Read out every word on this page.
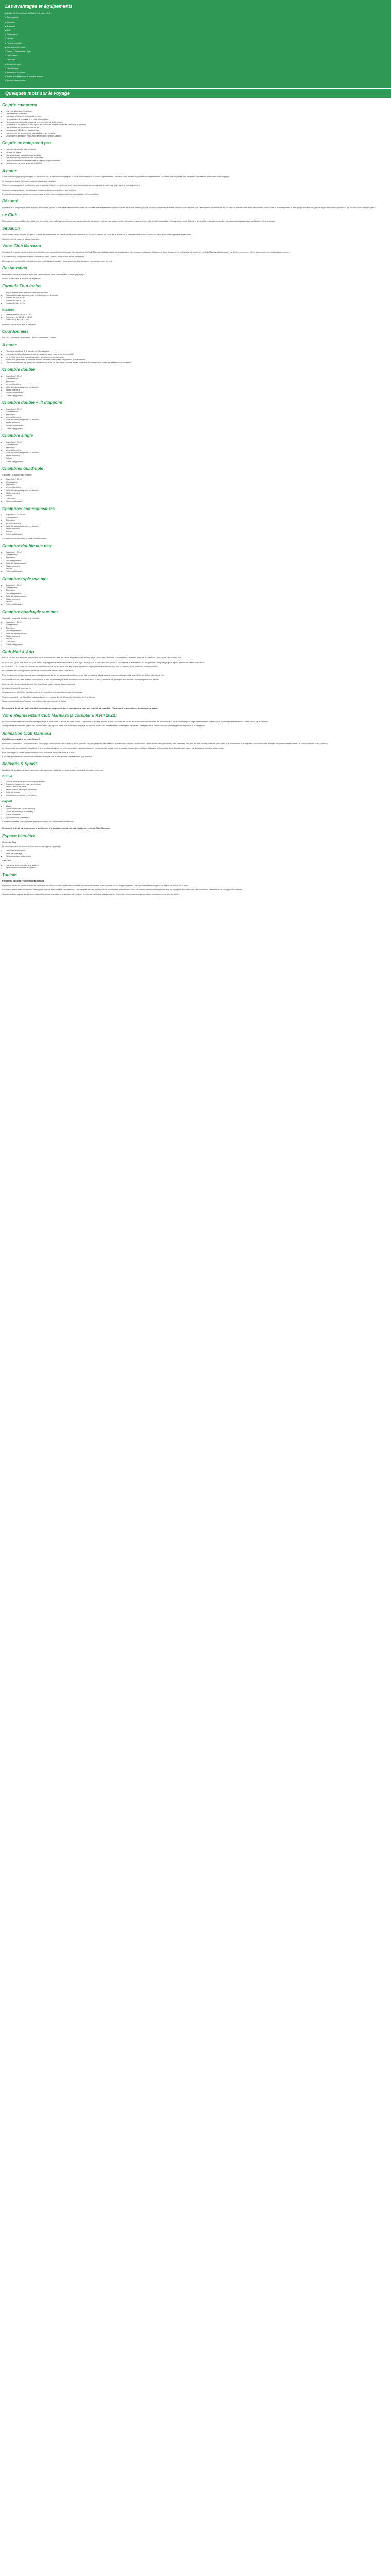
Les avantages et équipements
◆ Accès Wi-Fi au départ de l'hôtel (1 à partir d'ici)
◆ Tour-Anneté
◆ Cabanon
◆ Tracteurs
◆ Wifi
◆ Restaurant
◆ Piscine
◆ Piscine chauffée
◆ Bar au bord de l'eau
◆ Snack – Patisseries – Spa
◆ Club enfant
◆ Club ado
◆ Terrain de sport
◆ Discothèque
◆ Animation en soirée
◆ Accès aux personnes à mobilité réduite
◆ Accueil francophone
Quelques mots sur le voyage
Ce prix comprend
• Les vols aller/retour indiqués
• Les transferts collectifs
• Les taxes d'aéroport et frais de service
• Le carburant de manière, à la date d'inscription
• L'hébergement selon la catégorie et le nombre de nuits choisis
• La formule « Tout Inclus » (en repas, les boissons locales à volonté, snacking et goûter)
• Les activités de l'hôtel et l'accueil de
• L'assistance 24/24 d'un représentant
• Les activités de groupe pour les adultes et les enfants
• Le service d'animation en journée et en soirée (selon saison)
Ce prix ne comprend pas
• Les frais de visa (le cas échéant)
• La taxe de séjour
• Les assurances facultatives proposées
• Les dépenses personnelles et pourboires
• Les prestations non mentionnées et dépenses personnelles
• Le pourboire de votre guide et chauffeur
A noter

« Franchise bagage par passager » : Selon vol, sur le site de la compagnie, la carte vous indiquera le poids réglementaire. Avant de vous rendre au guichet d'enregistrement, n'oubliez pas de garder des étiquettes permettant d'identifier votre bagage.

Le bagage en soute est réglementé et à la charge du client.

Selon les compagnies, il peut arriver que le vol soit retardé, en général, nous vous demandons de bien vouloir le noter sur votre carte d'embarquement.

Aucune correspondance : les bagages sont contrôlés aux départs et aux arrivées.

Pendant les vacances scolaires, proposé par la ville, nos professionnels sont susceptibles d'être modifiés.

Résumé

Au cœur d'un magnifique jardin tropical à quelques pas de la mer et à 5 km du centre-ville, le Club Marmara Hammamet vous accueille dans son cadre idyllique pour des vacances réussies. Laissez-vous séduire par l'atmosphère chaleureuse de ce club où détente rime avec découverte, convivialité et bonne humeur. Entre plage de sable fin, piscine lagon et activités sportives, il y en aura pour tous les goûts !

Le Club

Nos voisins, d'une surface de 14 ha sont un lieu de repos et d'agrément avec des espaces verts, plusieurs piscines, une plage privée, de nombreuses activités sportives et culturelles... Vous pourrez vous détendre au bord de la piscine ou profiter des animations proposées par l'équipe Club Marmara.

Situation

Situé au sud de la Tunisie, à 8 km du centre de Hammamet, le Club Marmara est à environ 60 km de l'aéroport de Tunis et à 30 min de la célèbre médina de Sousse. Au cœur d'un cadre agréable et reposant.

Navette pour la plage, le village (payant).

Votre Club Marmara

Au cœur d'un grand jardin de palmiers, le club vous accueille dans un cadre très agréable. Ce Club Marmara est la parfaite destination pour des vacances réussies. Idéalement situé sur une très belle plage de sable fin. Le Club Marmara Hammamet est à 5 min du centre-ville et à proximité de nombreux commerces.

Il y a beaucoup d'espaces verts et d'activités à faire : visites, excursions, sports nautiques...

Hébergement confortable, animations variées et repas de qualité : vous passerez des vacances reposantes dans ce club.

Restauration

Restaurant principal intérieur avec vue panoramique sous « conservé à la carte (payant) »

Snack, 2 bars dont 1 au bord de la piscine

Formule Tout Inclus
• Repas buffets petit-déjeuner, déjeuner et dîner
• Boissons locales alcoolisées et non alcoolisées à volonté
• Snacks de 10h à 18h
• Glaces de 14h à 17h
• Goûter de 16h à 17h
Horaires
• Petit-déjeuner : de 7h à 10h
• Déjeuner : de 12h30 à 14h30
• Dîner : de 19h00 à 21h30

Boissons incluses de 10h à 23h (bar).

Coordonnées

BP 101 – Yasmine Hammamet – 8050 Hammamet, Tunisie

A noter
• Chambre standard, 1 lit double ou 2 lits simples
• Les chambres familiales sont sur demande et sous réserve de disponibilité
• Un lit bébé peut être mis à disposition gratuitement sur demande
• Accès aux personnes à mobilité réduite : chambres adaptées disponibles sur demande
• Les chambres sont équipées de climatisation, salle de bain avec douche, sèche-cheveux, TV, téléphone, coffre-fort et balcon ou terrasse
Chambre double
• Superficie : 22 m²
• Climatisation
• Télévision
• Mini-réfrigérateur
• Salle de bains (baignoire ou douche)
• Sèche-cheveux
• Balcon ou terrasse
• Coffre-fort (payant)
Chambre double + lit d'appoint
• Superficie : 22 m²
• Climatisation
• Télévision
• Mini-réfrigérateur
• Salle de bains (baignoire ou douche)
• Sèche-cheveux
• Balcon ou terrasse
• Coffre-fort (payant)
Chambre single
• Superficie : 15 m²
• Climatisation
• Télévision
• Mini-réfrigérateur
• Salle de bains (baignoire ou douche)
• Sèche-cheveux
• Balcon
• Coffre-fort (payant)
Chambres quadruple

Capacité : 2 adultes et 2 enfants.

• Superficie : 35 m²
• Climatisation
• Télévision
• Mini-réfrigérateur
• Salle de bains (baignoire ou douche)
• Sèche-cheveux
• Balcon
• Coin salon
• Coffre-fort (payant)
Chambres communicantes
• Superficie : 2 x 25 m²
• Climatisation
• Télévision
• Mini-réfrigérateur
• Salle de bains (baignoire ou douche)
• Sèche-cheveux
• Balcon
• Coffre-fort (payant)

2 chambres doubles avec 1 porte communicante

Chambre double vue mer
• Superficie : 22 m²
• Climatisation
• Télévision
• Mini-réfrigérateur
• Salle de bains (douche)
• Sèche-cheveux
• Balcon
• Coffre-fort (payant)
Chambre triple vue mer
• Superficie : 28 m²
• Climatisation
• Télévision
• Mini-réfrigérateur
• Salle de bains (douche)
• Sèche-cheveux
• Balcon
• Coffre-fort (payant)
Chambre quadruple vue mer

Capacité : jusqu'à 2 adultes et 2 enfants.

• Superficie : 35 m²
• Climatisation
• Télévision
• Mini-réfrigérateur
• Salle de bains (douche)
• Sèche-cheveux
• Balcon
• Coin salon
• Coffre-fort (payant)
Club Mini & Ado

De 4 à 17 ans, nos équipes d'animation vous accueilleront dans les clubs, répartis en 3 tranches d'âge, pour des vacances bien remplies : activités ludiques et créatives, jeux, sport, spectacles, etc.

Le Club Mini (4-10 ans) Pour les plus petits, un programme d'activités adapté à leur âge, de 9h à 12h et de 15h à 18h, sous la surveillance d'animateurs. Au programme : maquillage, jeux, sport, chasse au trésor, mini-disco...

Le Club Ado (11-17 ans) En période de vacances scolaires, les ados ont leur propre espace et un programme d'activités qui leur est dédié : sport, tournois, sorties, soirées...

Les horaires des clubs peuvent varier en fonction des saisons et de l'affluence.

Pour les enfants, un programme spécial est proposé durant les vacances scolaires, avec des spectacles et animations organisés chaque soir avant le dîner : jeux, mini-disco, etc.

Les jeunes au club : Les enfants de moins de 4 ans ne peuvent pas être accueillis au club. Pour les 2-3 ans, possibilité de participer aux activités accompagnés d'un parent.

Note du club : Les enfants doivent être inscrits sur place auprès des animateurs.

Le club est ouvert 6 jours sur 7.

Un programme d'activités est disponible à la réception. Les animations sont en français.

Réservez au club : Le Club Mini est gratuit pour les enfants de 4 à 10 ans, le Club Ado de 11 à 17 ans.

Nous vous conseillons d'inscrire vos enfants dès votre arrivée à l'hôtel.

Retrouvez le détail des activités et des animations proposées par les animateurs pour vos enfants et vos ados ! Pour plus d'informations, demandez sur place.

Votre Représentant Club Marmara (à compter d'Avril 2021)

Le Représentant est votre interlocuteur privilégié durant toute la durée de votre séjour. Disponible et à votre écoute, il vous présente au cours d'une réunion d'information les excursions et vous conseille pour organiser au mieux votre séjour. Il pourra également vous aider en cas de problème.

Vous pourrez le contacter grâce aux coordonnées qui figurent dans votre carnet de voyage ou en vous adressant directement à la réception de l'hôtel. Il est présent à l'hôtel selon un planning précis disponible à la réception.

Animation Club Marmara

Club Marmara, du fun en toute liberté !

Retrouvez l'Animation Club Marmara et son équipe francophone : tout au long de la journée, l'équipe propose des activités sportives et ludiques, des tournois, et en soirée des spectacles, des cabarets, des jeux et des soirées à thème. Pour ceux qui recherchent la tranquillité, l'ensemble des activités proposées est facultatif : à vous de choisir votre rythme !

Le programme des activités est affiché à la réception et auprès du point animation. Les animations et spectacles en soirée sont proposés chaque jour, de l'apéritif jusqu'à la fermeture de la discothèque, dans une ambiance familiale et conviviale.

Pour prolonger la soirée, la discothèque vous accueille jusque tard dans la nuit !

Il y a des spectacles et animations différents chaque soir, et une soirée Club Marmara par semaine.

Activités & Sports

Nos lieux de sports et de loisirs vous attendent pour des activités en toute liberté, à volonté, encadrées ou non.

Gratuit
• Piscine extérieure avec bassin pour enfants
• Aquagym, stretching, step, gym douce
• Tennis, tennis de table
• Beach-volley, pétanque, fléchettes
• Salle de fitness
• Animation en journée et en soirée
Payant
• Billard
• Sports nautiques (selon saison)
• Quad, équitation (à proximité)
• Golf à proximité
• Spa, hammam, massages

Certaines activités sont payantes et proposées par des prestataires extérieurs.

Retrouvez le détail du programme d'activités et d'animations conçu par nos équipes avec votre Club Marmara.

Espace bien-être

Centre de Spa

Le club dispose d'un centre de Spa comprenant (accès payant) :

• Hammam traditionnel
• Salle de massage
• Soins du visage et du corps

A NOTER

• Les soins sont réservés aux adultes
• Réservation conseillée sur place
Tunisie

Formalités pour les ressortissants français :

Passeport valide au moins 6 mois après la date de retour, ou carte nationale d'identité en cours de validité (dans le cadre d'un voyage organisé). Pas de visa nécessaire pour un séjour de moins de 3 mois.

Les autres nationalités doivent se renseigner auprès des autorités compétentes. Les mineurs doivent être munis de documents d'identité en cours de validité. Il est de la responsabilité du voyageur de vérifier que les documents d'identité et de voyage sont valables.

Nos conseillers voyage sont à votre disposition pour vous aider à organiser votre séjour et répondre à toutes vos questions. Pour toute information complémentaire, contactez notre service client.
